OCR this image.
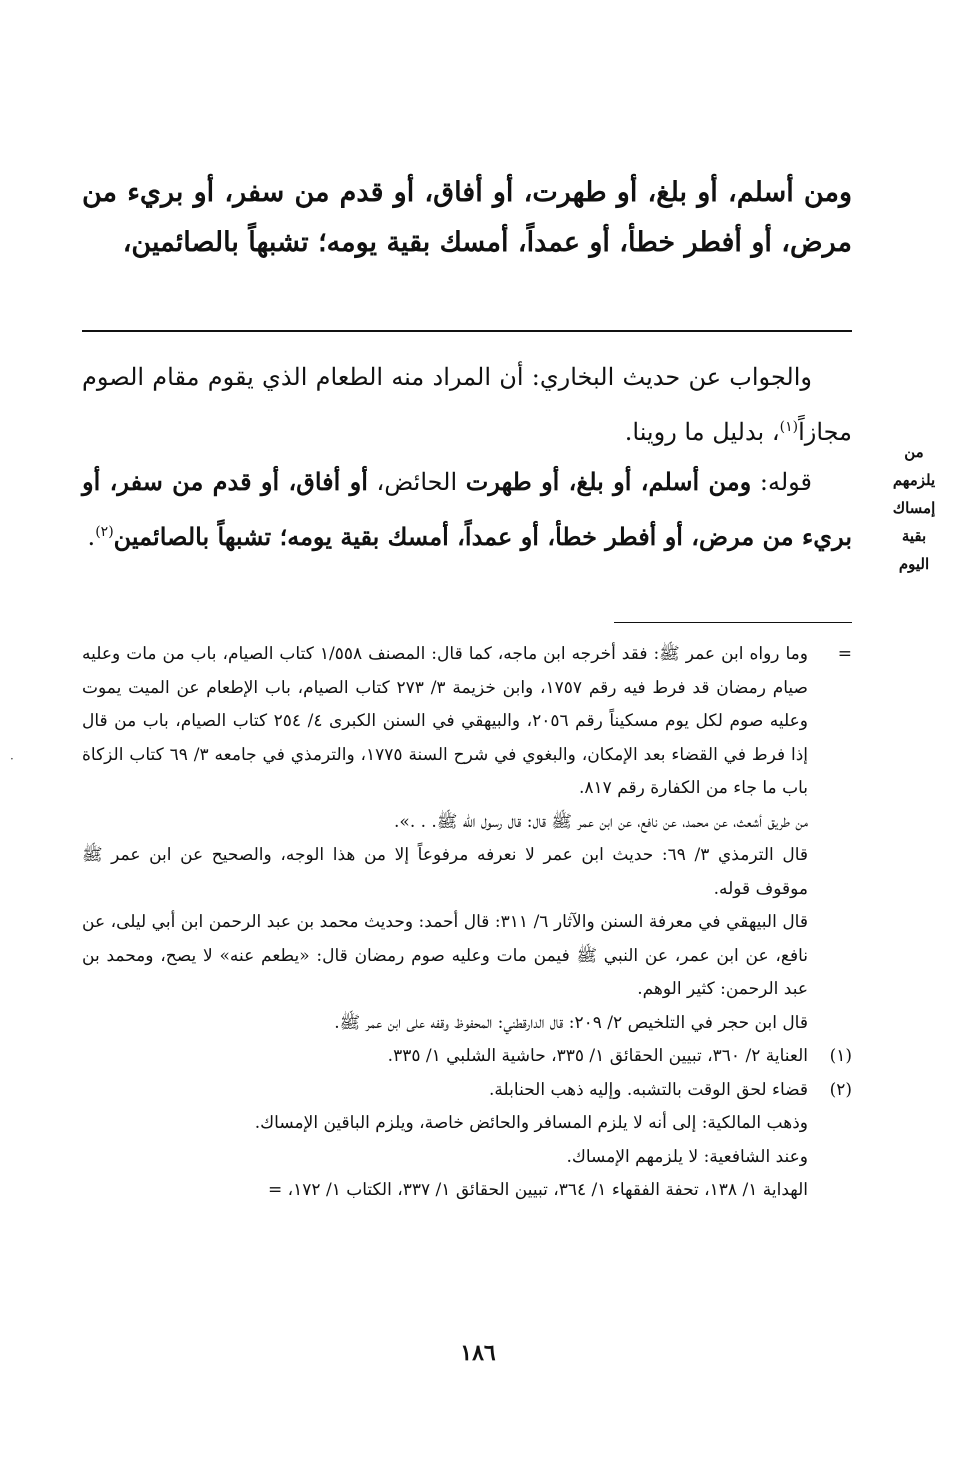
ومن أسلم، أو بلغ، أو طهرت، أو أفاق، أو قدم من سفر، أو بريء من مرض، أو أفطر خطأ، أو عمداً، أمسك بقية يومه؛ تشبهاً بالصائمين،

والجواب عن حديث البخاري: أن المراد منه الطعام الذي يقوم مقام الصوم مجازاً$^{(١)}$، بدليل ما روينا.

قوله: ومن أسلم، أو بلغ، أو طهرت الحائض، أو أفاق، أو قدم من سفر، أو بريء من مرض، أو أفطر خطأ، أو عمداً، أمسك بقية يومه؛ تشبهاً بالصائمين$^{(٢)}$.

من
يلزمهم
إمساك
بقية
اليوم
=

وما رواه ابن عمر ﷺ: فقد أخرجه ابن ماجه، كما قال: المصنف ١/٥٥٨ كتاب الصيام، باب من مات وعليه صيام رمضان قد فرط فيه رقم ١٧٥٧، وابن خزيمة ٣/ ٢٧٣ كتاب الصيام، باب الإطعام عن الميت يموت وعليه صوم لكل يوم مسكيناً رقم ٢٠٥٦، والبيهقي في السنن الكبرى ٤/ ٢٥٤ كتاب الصيام، باب من قال إذا فرط في القضاء بعد الإمكان، والبغوي في شرح السنة ١٧٧٥، والترمذي في جامعه ٣/ ٦٩ كتاب الزكاة باب ما جاء من الكفارة رقم ٨١٧.

من طريق أشعث، عن محمد، عن نافع، عن ابن عمر ﷺ قال: قال رسول الله ﷺ. . .».

قال الترمذي ٣/ ٦٩: حديث ابن عمر لا نعرفه مرفوعاً إلا من هذا الوجه، والصحيح عن ابن عمر ﷺ موقوف قوله.

قال البيهقي في معرفة السنن والآثار ٦/ ٣١١: قال أحمد: وحديث محمد بن عبد الرحمن ابن أبي ليلى، عن نافع، عن ابن عمر، عن النبي ﷺ فيمن مات وعليه صوم رمضان قال: «يطعم عنه» لا يصح، ومحمد بن عبد الرحمن: كثير الوهم.

قال ابن حجر في التلخيص ٢/ ٢٠٩: قال الدارقطني: المحفوظ وقفه على ابن عمر ﷺ.

(١)

العناية ٢/ ٣٦٠، تبيين الحقائق ١/ ٣٣٥، حاشية الشلبي ١/ ٣٣٥.

(٢)

قضاء لحق الوقت بالتشبه. وإليه ذهب الحنابلة.

وذهب المالكية: إلى أنه لا يلزم المسافر والحائض خاصة، ويلزم الباقين الإمساك.

وعند الشافعية: لا يلزمهم الإمساك.

الهداية ١/ ١٣٨، تحفة الفقهاء ١/ ٣٦٤، تبيين الحقائق ١/ ٣٣٧، الكتاب ١/ ١٧٢، =

١٨٦
·
